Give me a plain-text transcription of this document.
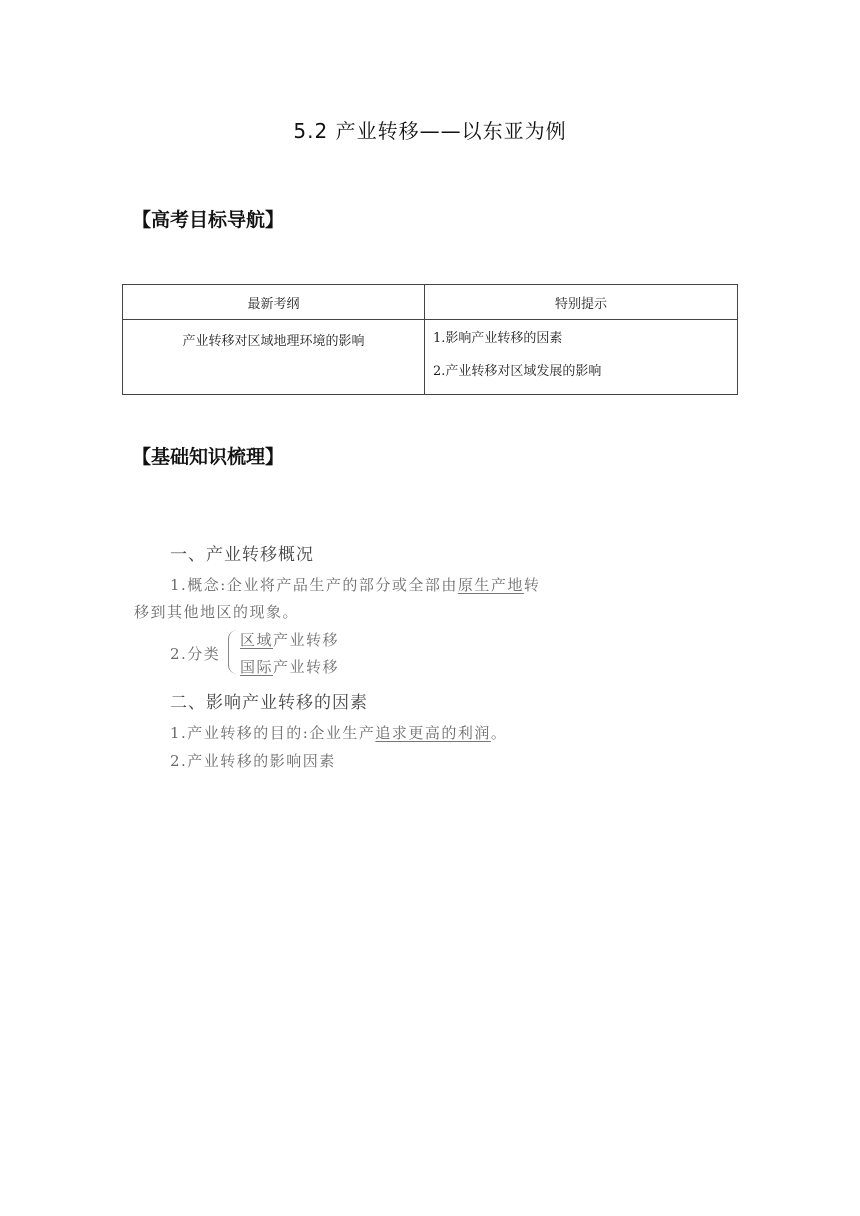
5.2 产业转移——以东亚为例
【高考目标导航】
最新考纲	特别提示
产业转移对区域地理环境的影响	1.影响产业转移的因素
2.产业转移对区域发展的影响
【基础知识梳理】
一、产业转移概况
1.概念:企业将产品生产的部分或全部由原生产地转
移到其他地区的现象。
2.分类
区域产业转移
国际产业转移
二、影响产业转移的因素
1.产业转移的目的:企业生产追求更高的利润。
2.产业转移的影响因素
